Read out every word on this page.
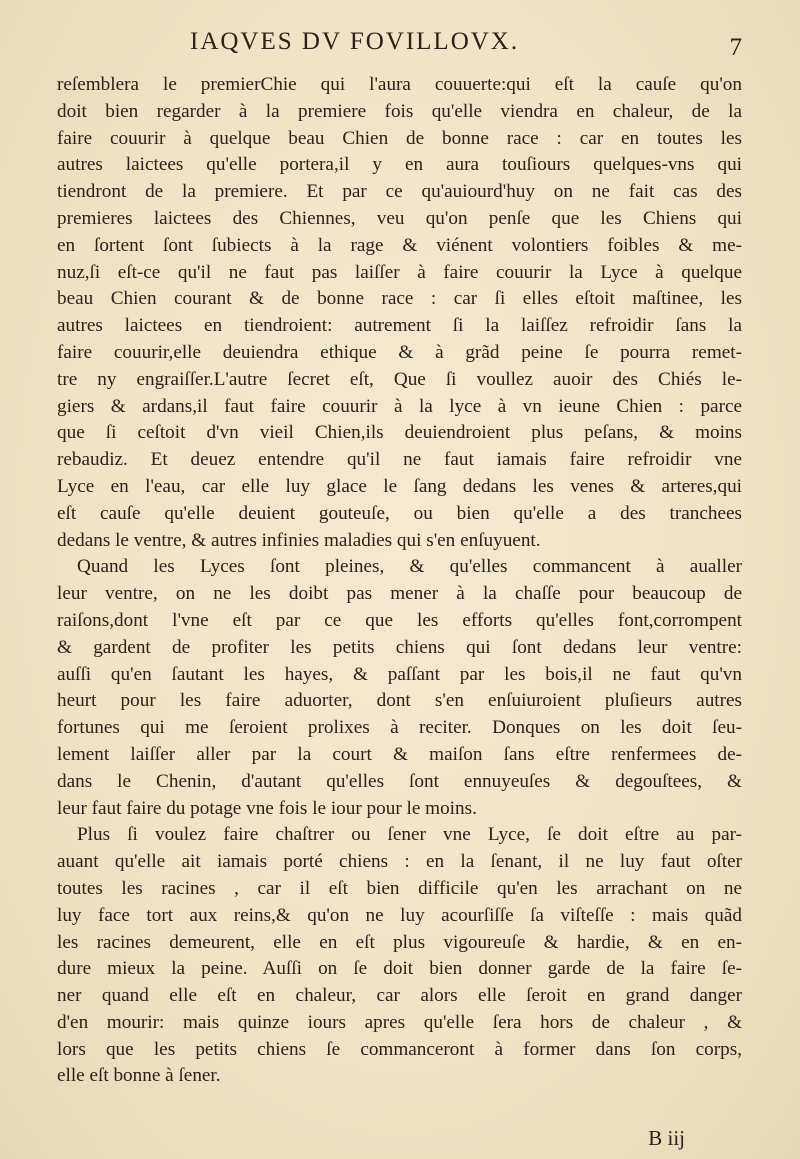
IAQVES DV FOVILLOVX.	7
reſemblera le premierChie qui l'aura couuerte:qui eſt la cauſe qu'on
doit bien regarder à la premiere fois qu'elle viendra en chaleur, de la
faire couurir à quelque beau Chien de bonne race : car en toutes les
autres laictees qu'elle portera,il y en aura touſiours quelques-vns qui
tiendront de la premiere. Et par ce qu'auiourd'huy on ne fait cas des
premieres laictees des Chiennes, veu qu'on penſe que les Chiens qui
en ſortent ſont ſubiects à la rage & viénent volontiers foibles & me-
nuz,ſi eſt-ce qu'il ne faut pas laiſſer à faire couurir la Lyce à quelque
beau Chien courant & de bonne race : car ſi elles eſtoit maſtinee, les
autres laictees en tiendroient: autrement ſi la laiſſez refroidir ſans la
faire couurir,elle deuiendra ethique & à grãd peine ſe pourra remet-
tre ny engraiſſer.L'autre ſecret eſt, Que ſi voullez auoir des Chiés le-
giers & ardans,il faut faire couurir à la lyce à vn ieune Chien : parce
que ſi ceſtoit d'vn vieil Chien,ils deuiendroient plus peſans, & moins
rebaudiz. Et deuez entendre qu'il ne faut iamais faire refroidir vne
Lyce en l'eau, car elle luy glace le ſang dedans les venes & arteres,qui
eſt cauſe qu'elle deuient gouteuſe, ou bien qu'elle a des tranchees
dedans le ventre, & autres infinies maladies qui s'en enſuyuent.
Quand les Lyces ſont pleines, & qu'elles commancent à aualler
leur ventre, on ne les doibt pas mener à la chaſſe pour beaucoup de
raiſons,dont l'vne eſt par ce que les efforts qu'elles font,corrompent
& gardent de profiter les petits chiens qui ſont dedans leur ventre:
auſſi qu'en ſautant les hayes, & paſſant par les bois,il ne faut qu'vn
heurt pour les faire aduorter, dont s'en enſuiuroient pluſieurs autres
fortunes qui me ſeroient prolixes à reciter. Donques on les doit ſeu-
lement laiſſer aller par la court & maiſon ſans eſtre renfermees de-
dans le Chenin, d'autant qu'elles ſont ennuyeuſes & degouſtees, &
leur faut faire du potage vne fois le iour pour le moins.
Plus ſi voulez faire chaſtrer ou ſener vne Lyce, ſe doit eſtre au par-
auant qu'elle ait iamais porté chiens : en la ſenant, il ne luy faut oſter
toutes les racines , car il eſt bien difficile qu'en les arrachant on ne
luy face tort aux reins,& qu'on ne luy acourſiſſe ſa viſteſſe : mais quãd
les racines demeurent, elle en eſt plus vigoureuſe & hardie, & en en-
dure mieux la peine. Auſſi on ſe doit bien donner garde de la faire ſe-
ner quand elle eſt en chaleur, car alors elle ſeroit en grand danger
d'en mourir: mais quinze iours apres qu'elle ſera hors de chaleur , &
lors que les petits chiens ſe commanceront à former dans ſon corps,
elle eſt bonne à ſener.
B iij
